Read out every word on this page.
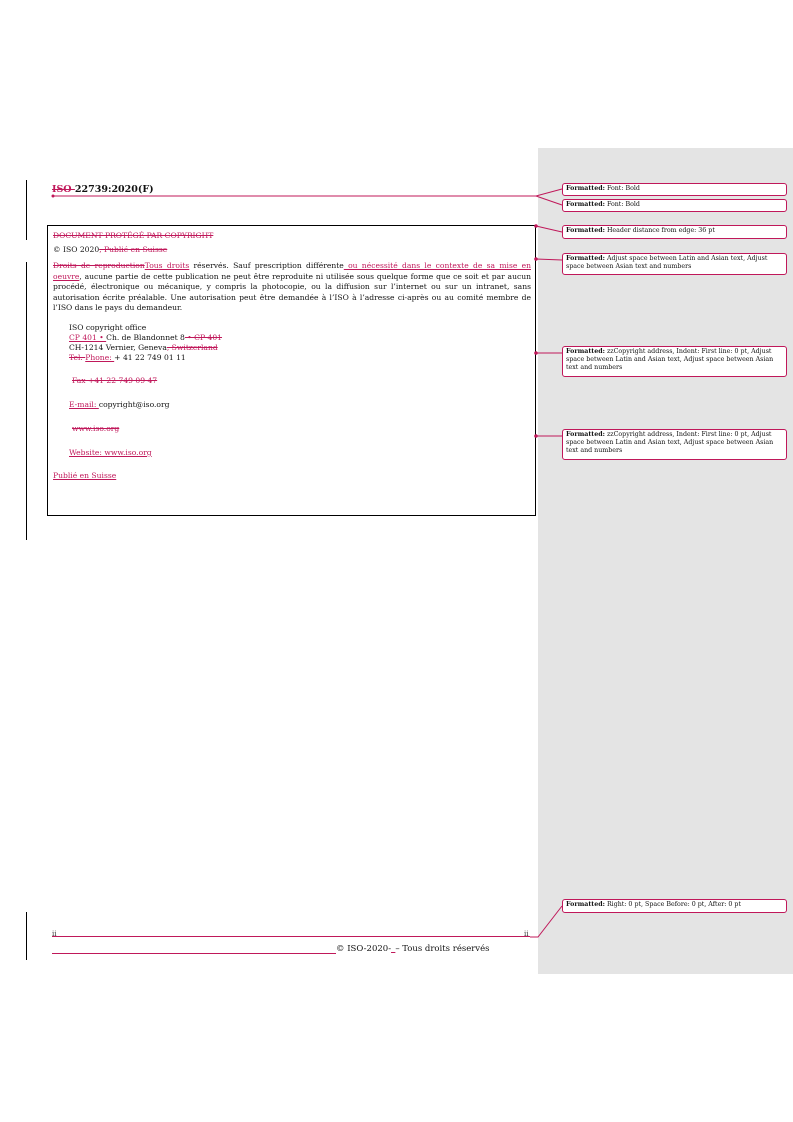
ISO 22739:2020(F)
DOCUMENT PROTÉGÉ PAR COPYRIGHT
© ISO 2020, Publié en Suisse
Droits de reproductionTous droits réservés. Sauf prescription différente ou nécessité dans le contexte de sa mise en oeuvre, aucune partie de cette publication ne peut être reproduite ni utilisée sous quelque forme que ce soit et par aucun procédé, électronique ou mécanique, y compris la photocopie, ou la diffusion sur l’internet ou sur un intranet, sans autorisation écrite préalable. Une autorisation peut être demandée à l’ISO à l’adresse ci-après ou au comité membre de l’ISO dans le pays du demandeur.
ISO copyright office
CP 401 • Ch. de Blandonnet 8 • CP 401
CH-1214 Vernier, Geneva, Switzerland
Tel. Phone: + 41 22 749 01 11
Fax +41 22 749 09 47
E-mail: copyright@iso.org
www.iso.org
Website: www.iso.org
Publié en Suisse
ii	ii
© ISO-2020-_– Tous droits réservés
Formatted: Font: Bold
Formatted: Font: Bold
Formatted: Header distance from edge: 36 pt
Formatted: Adjust space between Latin and Asian text, Adjust space between Asian text and numbers
Formatted: zzCopyright address, Indent: First line: 0 pt, Adjust space between Latin and Asian text, Adjust space between Asian text and numbers
Formatted: zzCopyright address, Indent: First line: 0 pt, Adjust space between Latin and Asian text, Adjust space between Asian text and numbers
Formatted: Right: 0 pt, Space Before: 0 pt, After: 0 pt
